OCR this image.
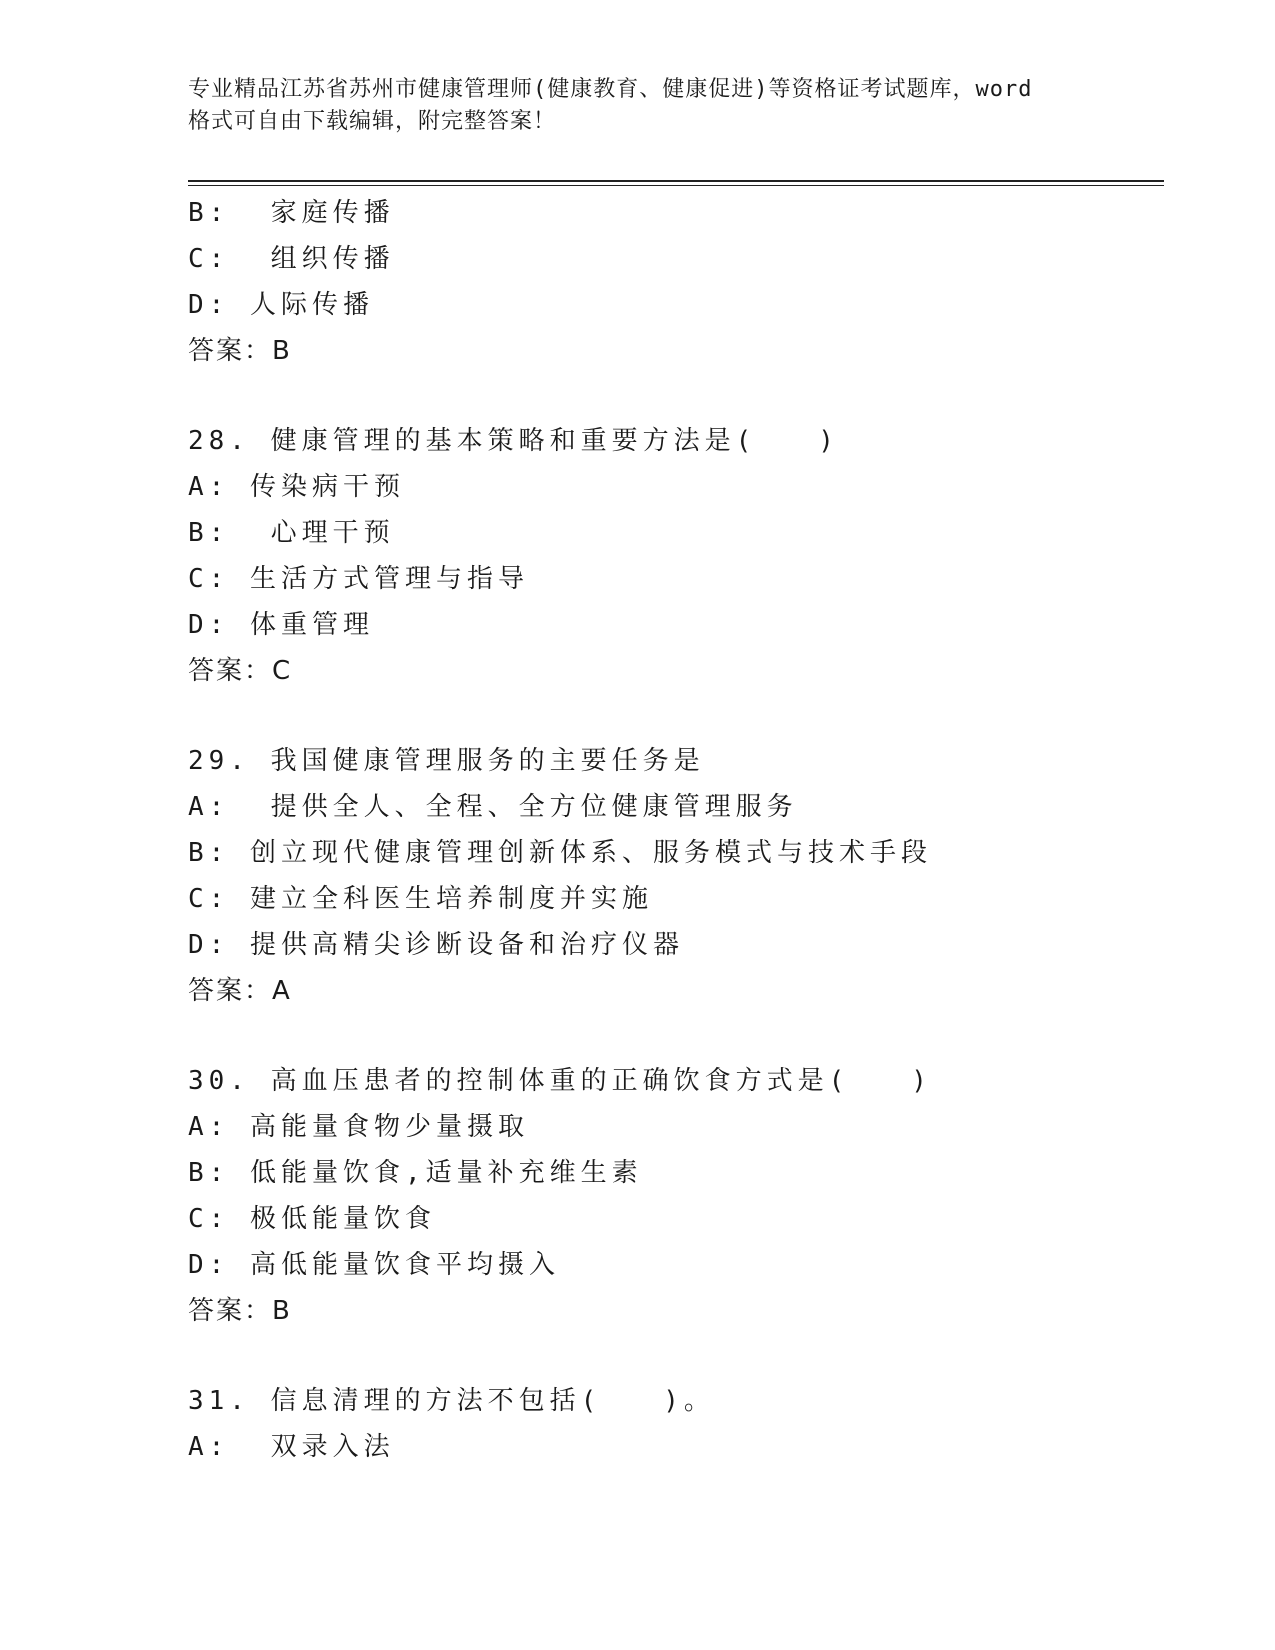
专业精品江苏省苏州市健康管理师(健康教育、健康促进)等资格证考试题库，word
格式可自由下载编辑，附完整答案！
B:  家庭传播
C:  组织传播
D: 人际传播
答案：B
28. 健康管理的基本策略和重要方法是(   )
A: 传染病干预
B:  心理干预
C: 生活方式管理与指导
D: 体重管理
答案：C
29. 我国健康管理服务的主要任务是
A:  提供全人、全程、全方位健康管理服务
B: 创立现代健康管理创新体系、服务模式与技术手段
C: 建立全科医生培养制度并实施
D: 提供高精尖诊断设备和治疗仪器
答案：A
30. 高血压患者的控制体重的正确饮食方式是(   )
A: 高能量食物少量摄取
B: 低能量饮食,适量补充维生素
C: 极低能量饮食
D: 高低能量饮食平均摄入
答案：B
31. 信息清理的方法不包括(   )。
A:  双录入法
